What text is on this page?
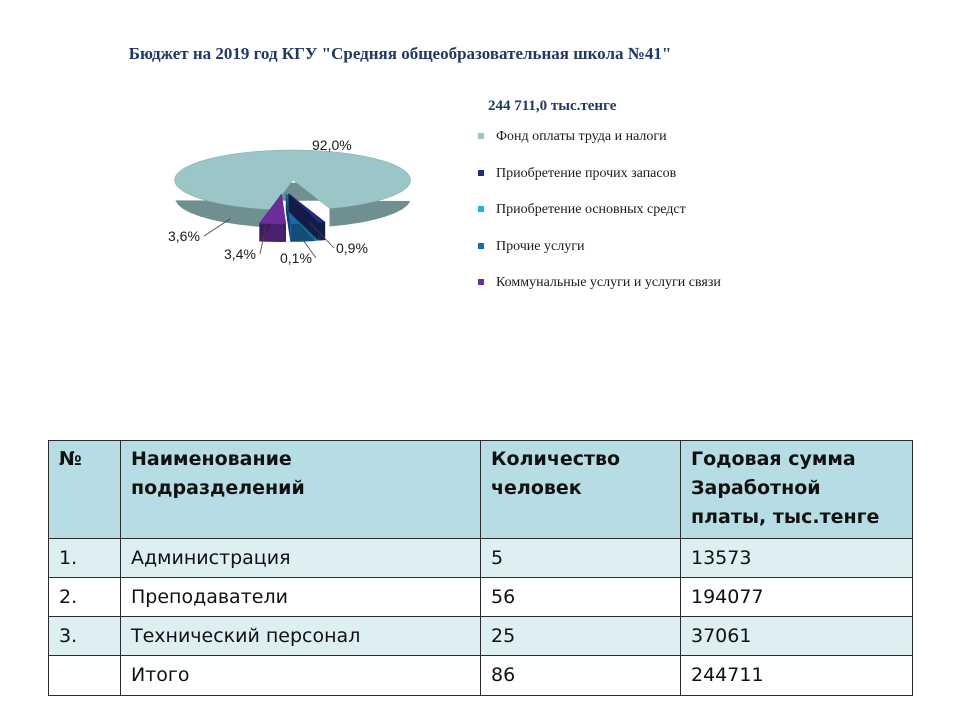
Бюджет на 2019 год КГУ "Средняя общеобразовательная школа №41"
244 711,0 тыс.тенге
92,0%
3,6%
3,4% 0,1%
0,9%
Фонд оплаты труда и налоги
Приобретение прочих запасов
Приобретение основных средст
Прочие услуги
Коммунальные услуги и услуги связи
№	Наименование подразделений	Количество человек	Годовая сумма Заработной платы, тыс.тенге
1.	Администрация	5	13573
2.	Преподаватели	56	194077
3.	Технический персонал	25	37061
	Итого	86	244711
